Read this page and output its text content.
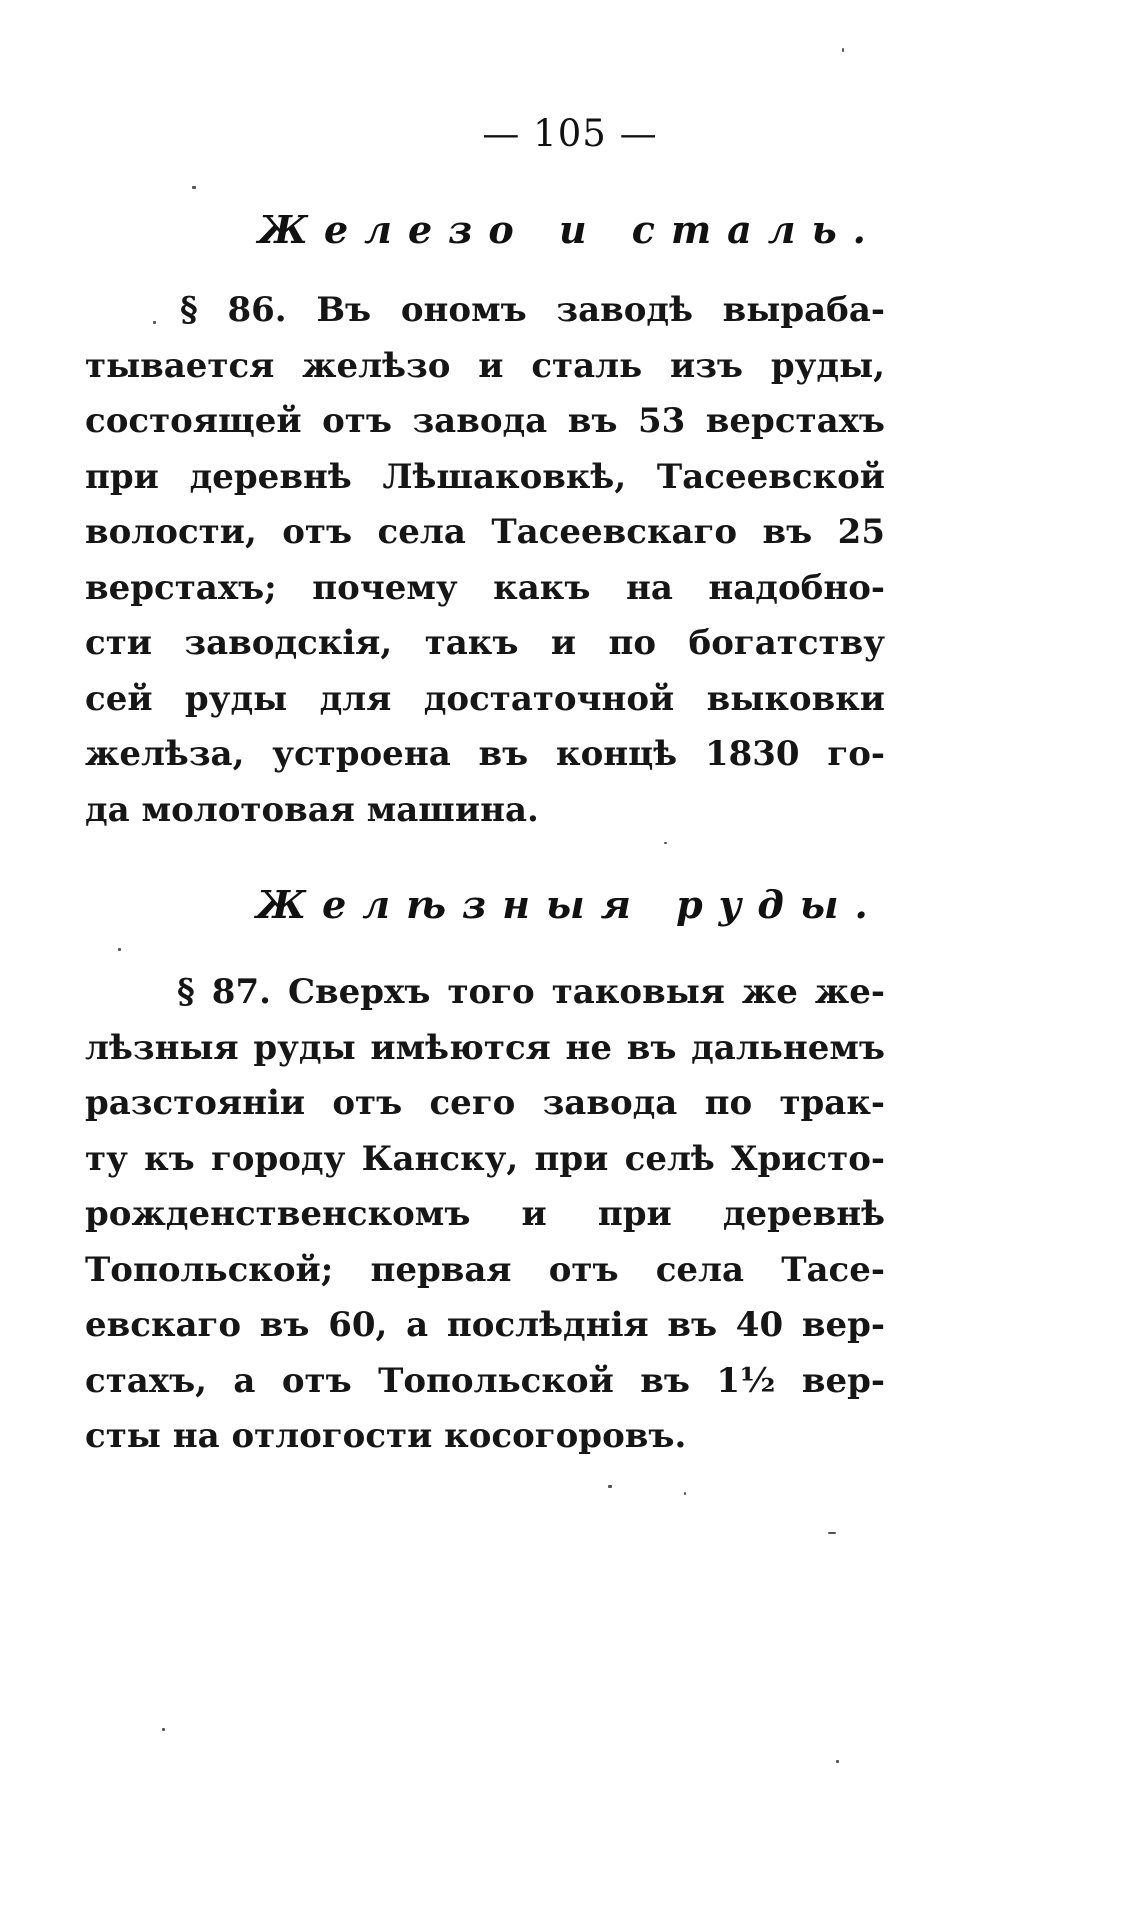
— 105 —
Железо и сталь.
§ 86. Въ ономъ заводѣ выраба-
тывается желѣзо и сталь изъ руды,
состоящей отъ завода въ 53 верстахъ
при деревнѣ Лѣшаковкѣ, Тасеевской
волости, отъ села Тасеевскаго въ 25
верстахъ; почему какъ на надобно-
сти заводскія, такъ и по богатству
сей руды для достаточной выковки
желѣза, устроена въ концѣ 1830 го-
да молотовая машина.
Желѣзныя руды.
§ 87. Сверхъ того таковыя же же-
лѣзныя руды имѣются не въ дальнемъ
разстояніи отъ сего завода по трак-
ту къ городу Канску, при селѣ Христо-
рожденственскомъ и при деревнѣ
Топольской; первая отъ села Тасе-
евскаго въ 60, а послѣднія въ 40 вер-
стахъ, а отъ Топольской въ 1½ вер-
сты на отлогости косогоровъ.
